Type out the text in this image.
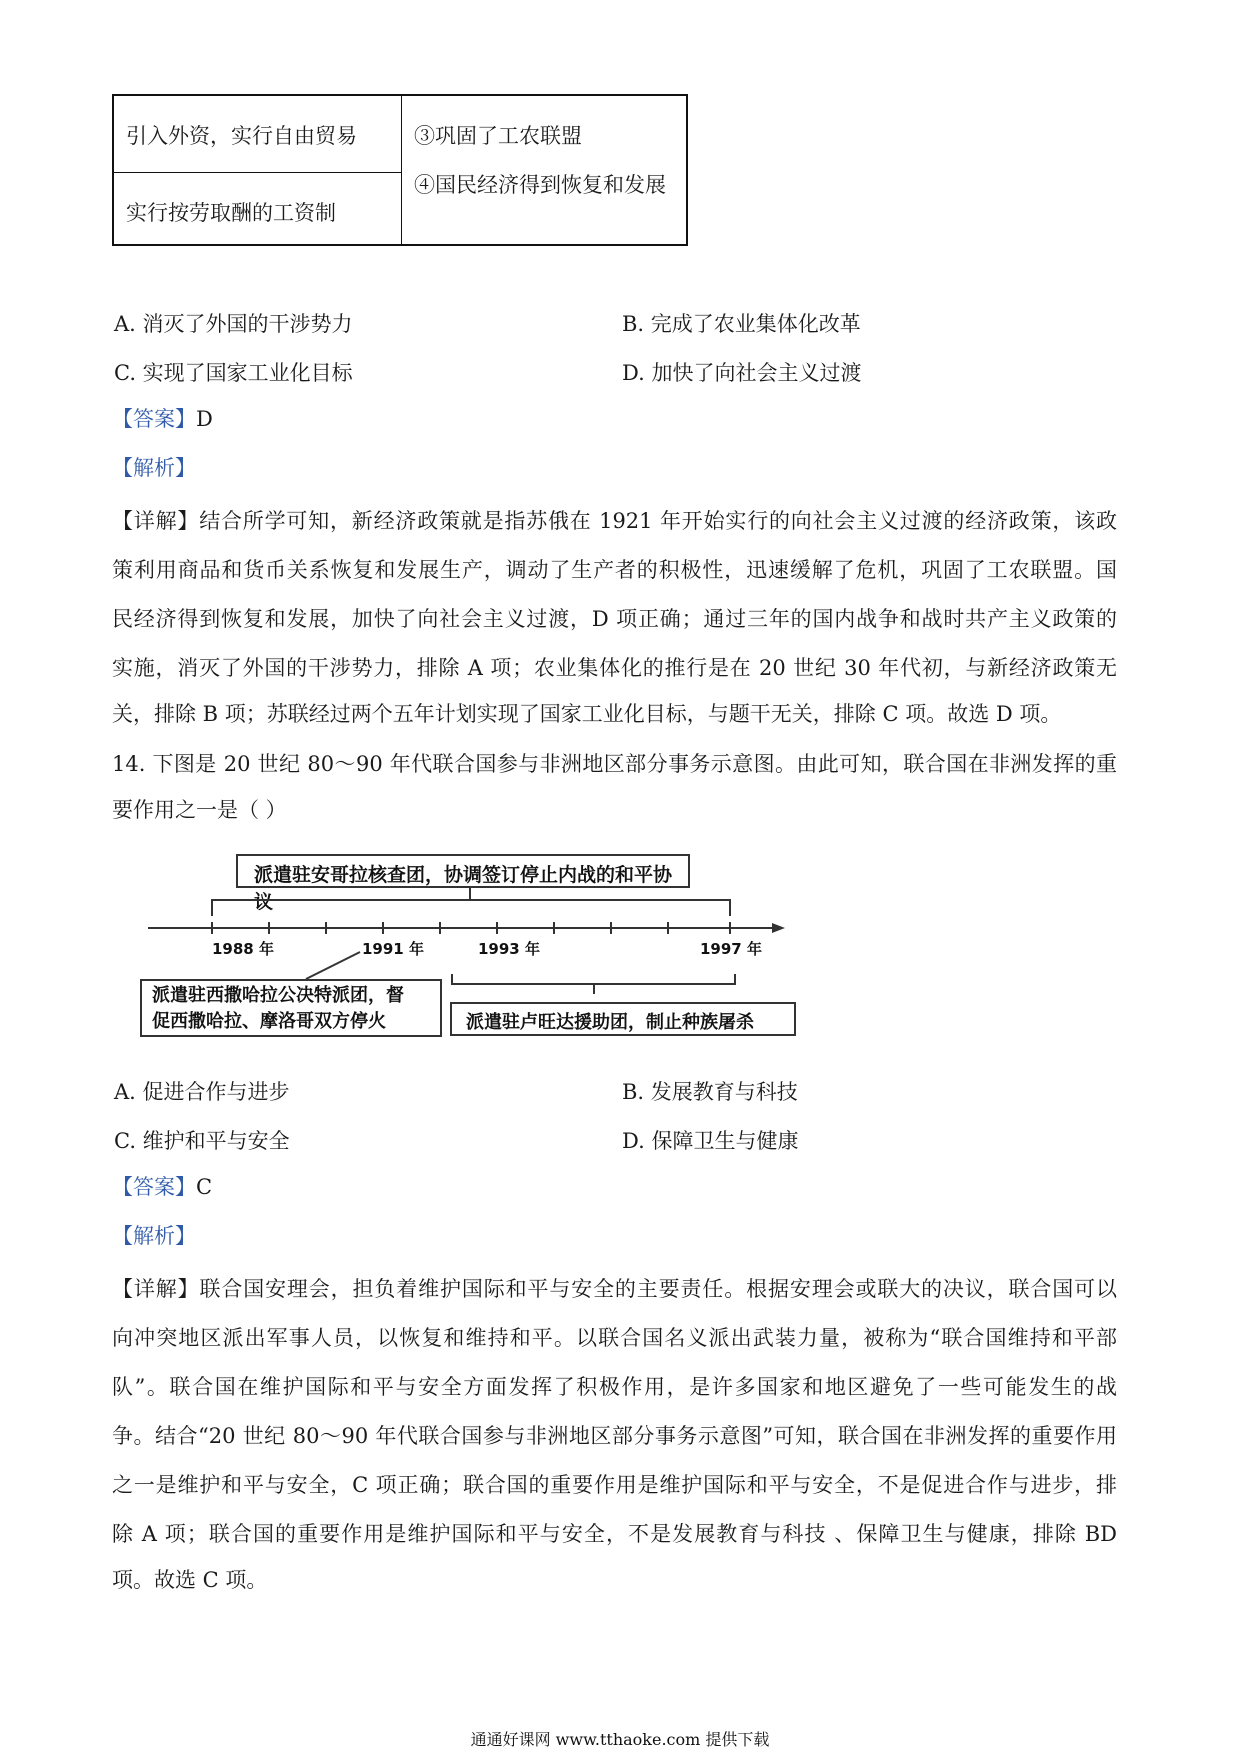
引入外资，实行自由贸易
实行按劳取酬的工资制
③巩固了工农联盟
④国民经济得到恢复和发展
A. 消灭了外国的干涉势力	B. 完成了农业集体化改革
C. 实现了国家工业化目标	D. 加快了向社会主义过渡
【答案】D
【解析】
【详解】结合所学可知，新经济政策就是指苏俄在 1921 年开始实行的向社会主义过渡的经济政策，该政
策利用商品和货币关系恢复和发展生产，调动了生产者的积极性，迅速缓解了危机，巩固了工农联盟。国
民经济得到恢复和发展，加快了向社会主义过渡，D 项正确；通过三年的国内战争和战时共产主义政策的
实施，消灭了外国的干涉势力，排除 A 项；农业集体化的推行是在 20 世纪 30 年代初，与新经济政策无
关，排除 B 项；苏联经过两个五年计划实现了国家工业化目标，与题干无关，排除 C 项。故选 D 项。
14. 下图是 20 世纪 80～90 年代联合国参与非洲地区部分事务示意图。由此可知，联合国在非洲发挥的重
要作用之一是（ ）
派遣驻安哥拉核查团，协调签订停止内战的和平协议
1988 年	1991 年	1993 年	1997 年
派遣驻西撒哈拉公决特派团，督
促西撒哈拉、摩洛哥双方停火	派遣驻卢旺达援助团，制止种族屠杀
A. 促进合作与进步	B. 发展教育与科技
C. 维护和平与安全	D. 保障卫生与健康
【答案】C
【解析】
【详解】联合国安理会，担负着维护国际和平与安全的主要责任。根据安理会或联大的决议，联合国可以
向冲突地区派出军事人员，以恢复和维持和平。以联合国名义派出武装力量，被称为“联合国维持和平部
队”。联合国在维护国际和平与安全方面发挥了积极作用，是许多国家和地区避免了一些可能发生的战
争。结合“20 世纪 80～90 年代联合国参与非洲地区部分事务示意图”可知，联合国在非洲发挥的重要作用
之一是维护和平与安全，C 项正确；联合国的重要作用是维护国际和平与安全，不是促进合作与进步，排
除 A 项；联合国的重要作用是维护国际和平与安全，不是发展教育与科技 、保障卫生与健康，排除 BD
项。故选 C 项。
通通好课网 www.tthaoke.com 提供下载
